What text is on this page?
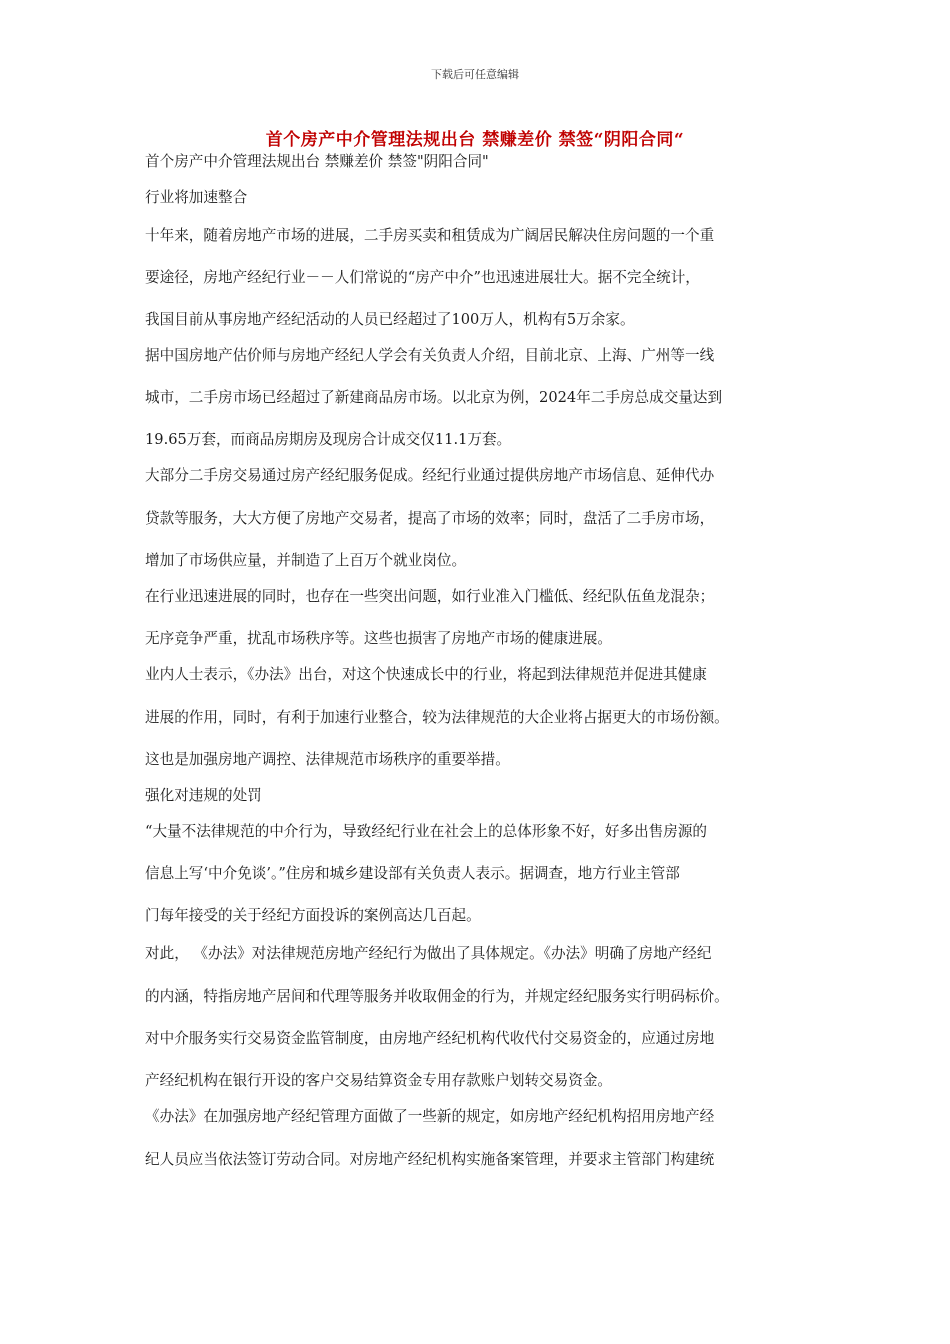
下载后可任意编辑
首个房产中介管理法规出台 禁赚差价 禁签“阴阳合同“
首个房产中介管理法规出台 禁赚差价 禁签"阴阳合同"
行业将加速整合
十年来，随着房地产市场的进展，二手房买卖和租赁成为广阔居民解决住房问题的一个重
要途径，房地产经纪行业－－人们常说的“房产中介”也迅速进展壮大。据不完全统计，
我国目前从事房地产经纪活动的人员已经超过了100万人，机构有5万余家。
据中国房地产估价师与房地产经纪人学会有关负责人介绍，目前北京、上海、广州等一线
城市，二手房市场已经超过了新建商品房市场。以北京为例，2024年二手房总成交量达到
19.65万套，而商品房期房及现房合计成交仅11.1万套。
大部分二手房交易通过房产经纪服务促成。经纪行业通过提供房地产市场信息、延伸代办
贷款等服务，大大方便了房地产交易者，提高了市场的效率；同时，盘活了二手房市场，
增加了市场供应量，并制造了上百万个就业岗位。
在行业迅速进展的同时，也存在一些突出问题，如行业准入门槛低、经纪队伍鱼龙混杂；
无序竞争严重，扰乱市场秩序等。这些也损害了房地产市场的健康进展。
业内人士表示，《办法》出台，对这个快速成长中的行业，将起到法律规范并促进其健康
进展的作用，同时，有利于加速行业整合，较为法律规范的大企业将占据更大的市场份额。
这也是加强房地产调控、法律规范市场秩序的重要举措。
强化对违规的处罚
“大量不法律规范的中介行为，导致经纪行业在社会上的总体形象不好，好多出售房源的
信息上写‘中介免谈’。”住房和城乡建设部有关负责人表示。据调查，地方行业主管部
门每年接受的关于经纪方面投诉的案例高达几百起。
对此， 《办法》对法律规范房地产经纪行为做出了具体规定。《办法》明确了房地产经纪
的内涵，特指房地产居间和代理等服务并收取佣金的行为，并规定经纪服务实行明码标价。
对中介服务实行交易资金监管制度，由房地产经纪机构代收代付交易资金的，应通过房地
产经纪机构在银行开设的客户交易结算资金专用存款账户划转交易资金。
《办法》在加强房地产经纪管理方面做了一些新的规定，如房地产经纪机构招用房地产经
纪人员应当依法签订劳动合同。对房地产经纪机构实施备案管理，并要求主管部门构建统
